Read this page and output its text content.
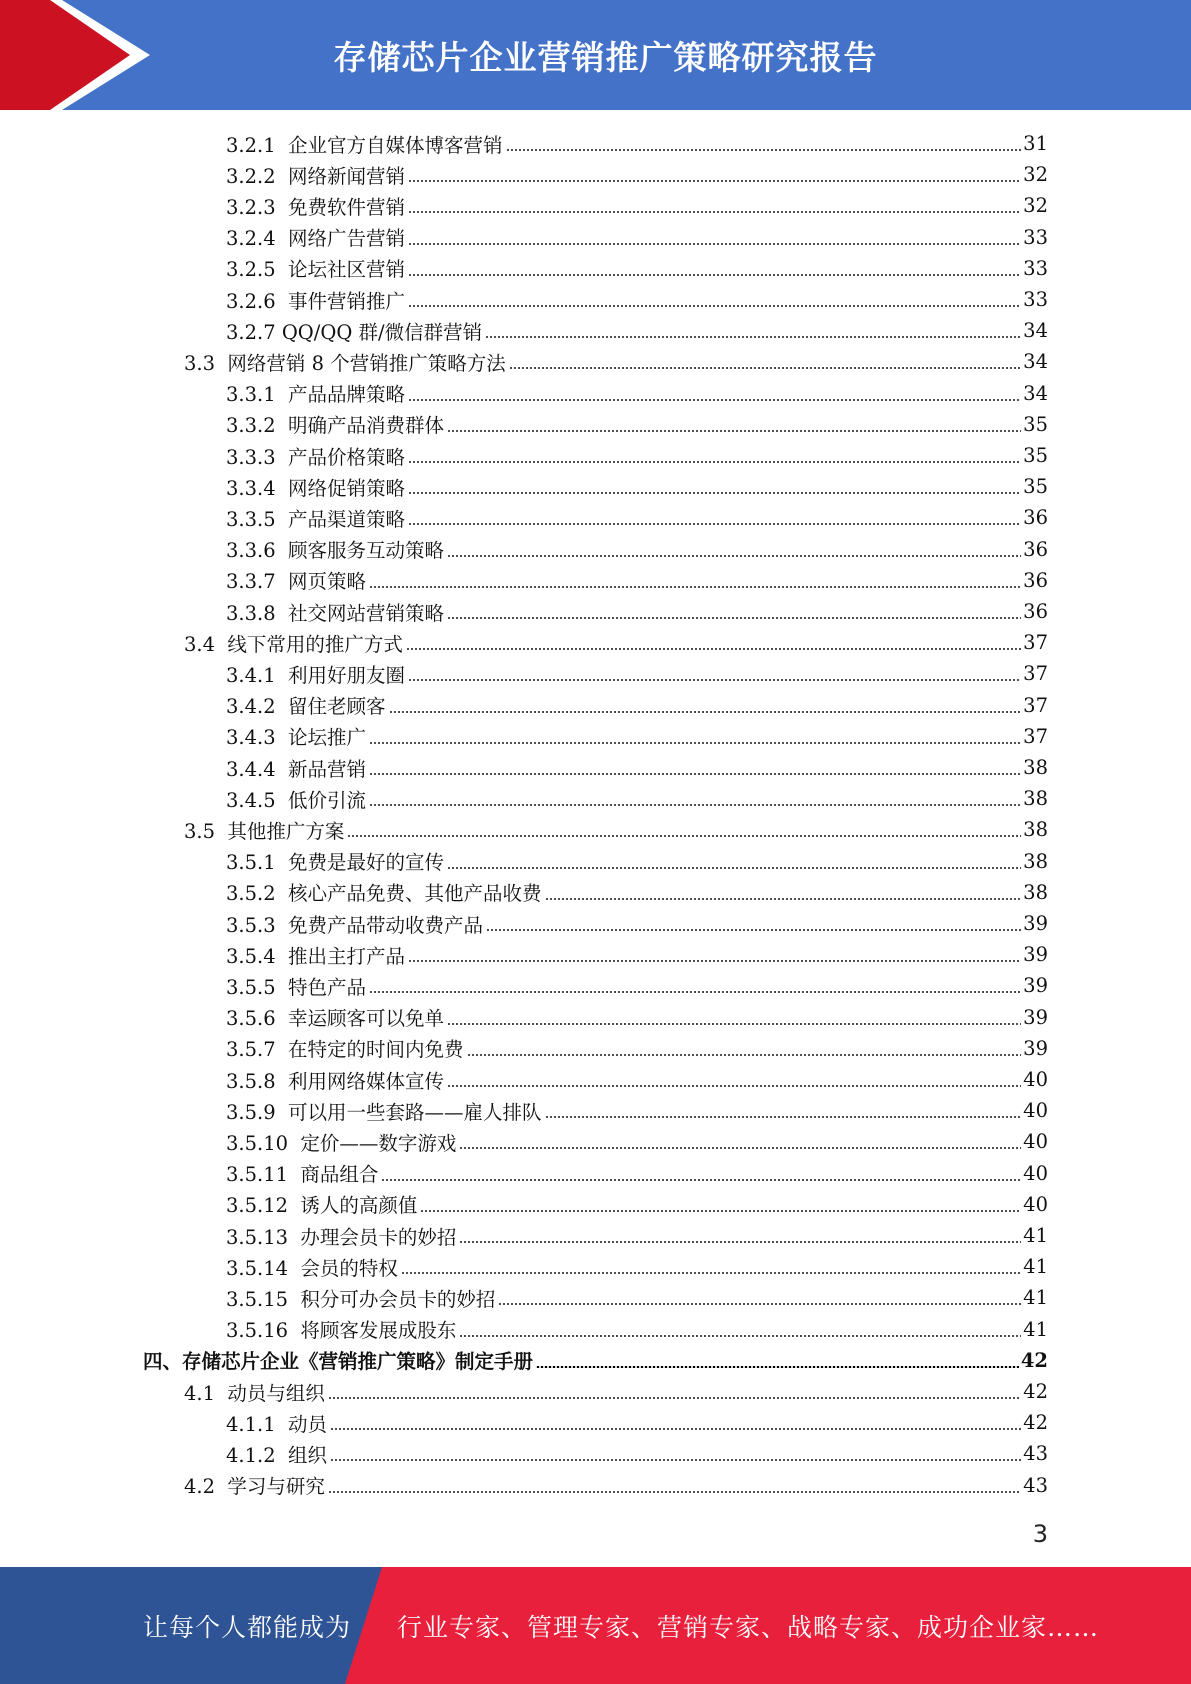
存储芯片企业营销推广策略研究报告
3.2.1  企业官方自媒体博客营销	31
3.2.2  网络新闻营销	32
3.2.3  免费软件营销	32
3.2.4  网络广告营销	33
3.2.5  论坛社区营销	33
3.2.6  事件营销推广	33
3.2.7 QQ/QQ 群/微信群营销	34
3.3  网络营销 8 个营销推广策略方法	34
3.3.1  产品品牌策略	34
3.3.2  明确产品消费群体	35
3.3.3  产品价格策略	35
3.3.4  网络促销策略	35
3.3.5  产品渠道策略	36
3.3.6  顾客服务互动策略	36
3.3.7  网页策略	36
3.3.8  社交网站营销策略	36
3.4  线下常用的推广方式	37
3.4.1  利用好朋友圈	37
3.4.2  留住老顾客	37
3.4.3  论坛推广	37
3.4.4  新品营销	38
3.4.5  低价引流	38
3.5  其他推广方案	38
3.5.1  免费是最好的宣传	38
3.5.2  核心产品免费、其他产品收费	38
3.5.3  免费产品带动收费产品	39
3.5.4  推出主打产品	39
3.5.5  特色产品	39
3.5.6  幸运顾客可以免单	39
3.5.7  在特定的时间内免费	39
3.5.8  利用网络媒体宣传	40
3.5.9  可以用一些套路——雇人排队	40
3.5.10  定价——数字游戏	40
3.5.11  商品组合	40
3.5.12  诱人的高颜值	40
3.5.13  办理会员卡的妙招	41
3.5.14  会员的特权	41
3.5.15  积分可办会员卡的妙招	41
3.5.16  将顾客发展成股东	41
四、存储芯片企业《营销推广策略》制定手册	42
4.1  动员与组织	42
4.1.1  动员	42
4.1.2  组织	43
4.2  学习与研究	43
3
让每个人都能成为 行业专家、管理专家、营销专家、战略专家、成功企业家……
